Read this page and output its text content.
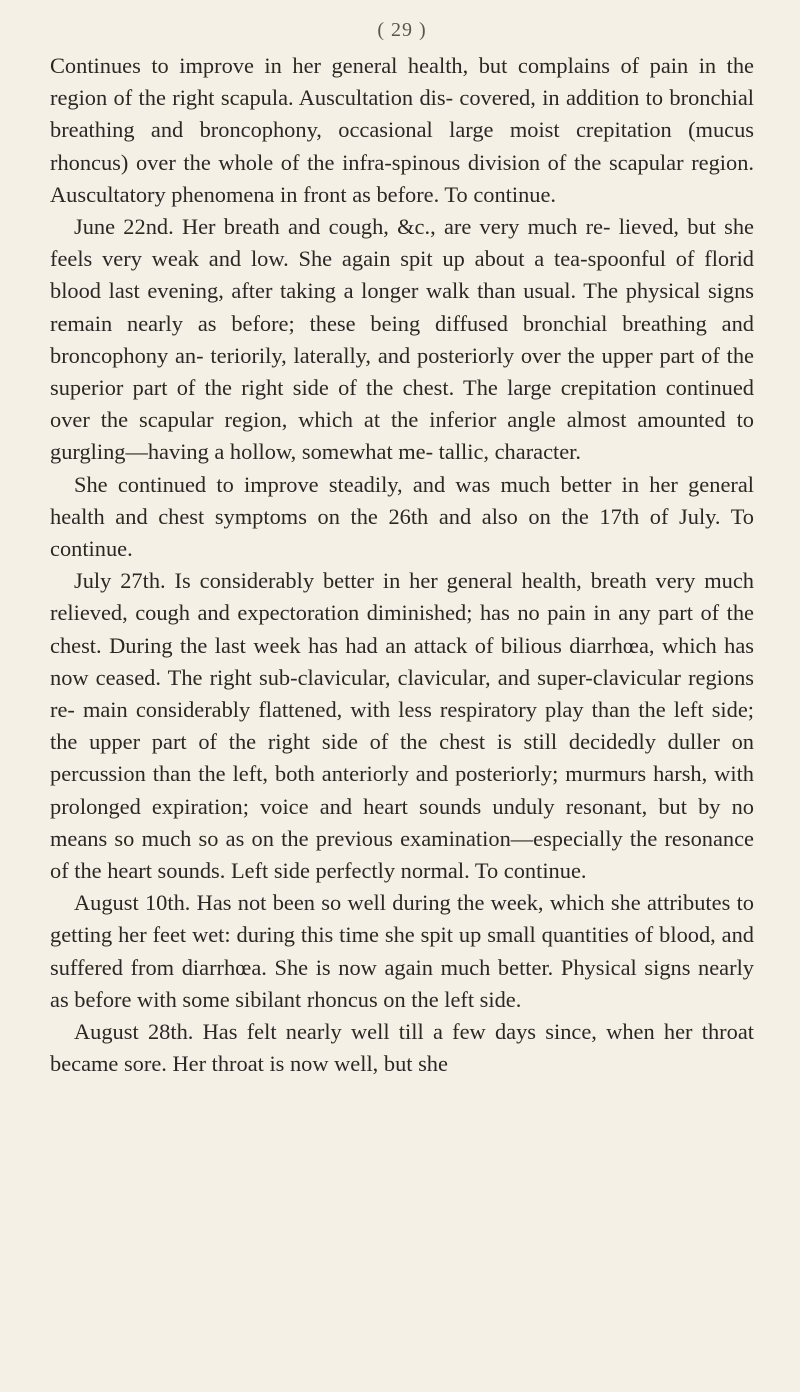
( 29 )

Continues to improve in her general health, but complains of pain in the region of the right scapula. Auscultation dis- covered, in addition to bronchial breathing and broncophony, occasional large moist crepitation (mucus rhoncus) over the whole of the infra-spinous division of the scapular region. Auscultatory phenomena in front as before. To continue.

June 22nd. Her breath and cough, &c., are very much re- lieved, but she feels very weak and low. She again spit up about a tea-spoonful of florid blood last evening, after taking a longer walk than usual. The physical signs remain nearly as before; these being diffused bronchial breathing and broncophony an- teriorily, laterally, and posteriorly over the upper part of the superior part of the right side of the chest. The large crepitation continued over the scapular region, which at the inferior angle almost amounted to gurgling—having a hollow, somewhat me- tallic, character.

She continued to improve steadily, and was much better in her general health and chest symptoms on the 26th and also on the 17th of July. To continue.

July 27th. Is considerably better in her general health, breath very much relieved, cough and expectoration diminished; has no pain in any part of the chest. During the last week has had an attack of bilious diarrhœa, which has now ceased. The right sub-clavicular, clavicular, and super-clavicular regions re- main considerably flattened, with less respiratory play than the left side; the upper part of the right side of the chest is still decidedly duller on percussion than the left, both anteriorly and posteriorly; murmurs harsh, with prolonged expiration; voice and heart sounds unduly resonant, but by no means so much so as on the previous examination—especially the resonance of the heart sounds. Left side perfectly normal. To continue.

August 10th. Has not been so well during the week, which she attributes to getting her feet wet: during this time she spit up small quantities of blood, and suffered from diarrhœa. She is now again much better. Physical signs nearly as before with some sibilant rhoncus on the left side.

August 28th. Has felt nearly well till a few days since, when her throat became sore. Her throat is now well, but she
